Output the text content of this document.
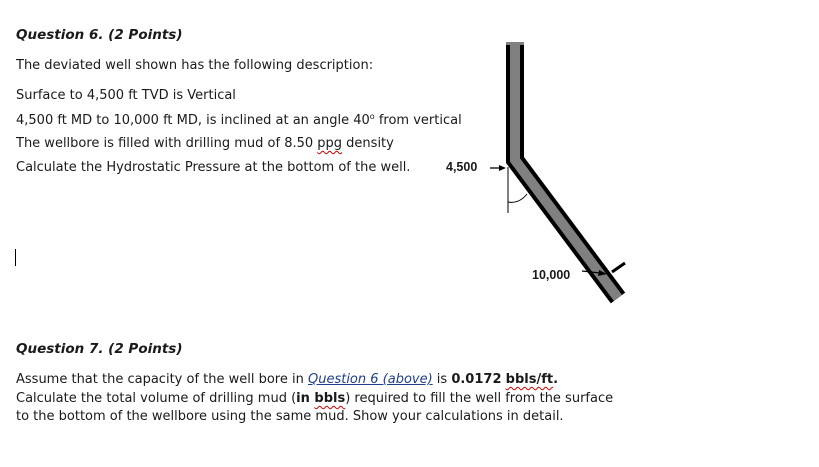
Question 6. (2 Points)

The deviated well shown has the following description:

Surface to 4,500 ft TVD is Vertical

4,500 ft MD to 10,000 ft MD, is inclined at an angle 40$^o$ from vertical

The wellbore is filled with drilling mud of 8.50 ppg density

Calculate the Hydrostatic Pressure at the bottom of the well.	4,500

10,000

Question 7. (2 Points)

Assume that the capacity of the well bore in Question 6 (above) is 0.0172 bbls/ft.

Calculate the total volume of drilling mud (in bbls) required to fill the well from the surface

to the bottom of the wellbore using the same mud. Show your calculations in detail.
